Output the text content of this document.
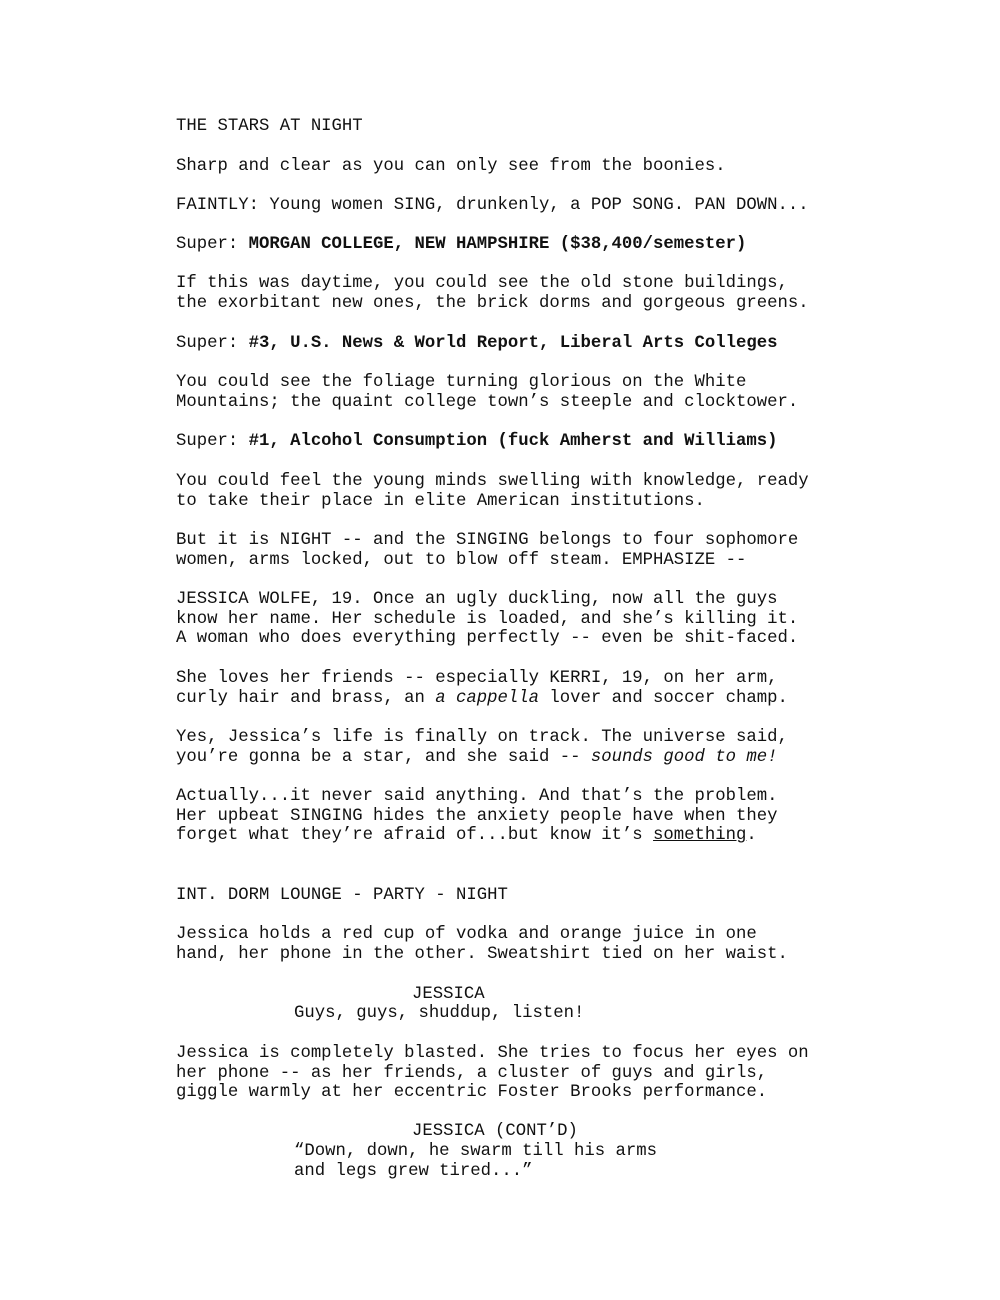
THE STARS AT NIGHT

Sharp and clear as you can only see from the boonies.

FAINTLY: Young women SING, drunkenly, a POP SONG. PAN DOWN...

Super: MORGAN COLLEGE, NEW HAMPSHIRE ($38,400/semester)

If this was daytime, you could see the old stone buildings,
the exorbitant new ones, the brick dorms and gorgeous greens.

Super: #3, U.S. News & World Report, Liberal Arts Colleges

You could see the foliage turning glorious on the White
Mountains; the quaint college town’s steeple and clocktower.

Super: #1, Alcohol Consumption (fuck Amherst and Williams)

You could feel the young minds swelling with knowledge, ready
to take their place in elite American institutions.

But it is NIGHT -- and the SINGING belongs to four sophomore
women, arms locked, out to blow off steam. EMPHASIZE --

JESSICA WOLFE, 19. Once an ugly duckling, now all the guys
know her name. Her schedule is loaded, and she’s killing it.
A woman who does everything perfectly -- even be shit-faced.

She loves her friends -- especially KERRI, 19, on her arm,
curly hair and brass, an a cappella lover and soccer champ.

Yes, Jessica’s life is finally on track. The universe said,
you’re gonna be a star, and she said -- sounds good to me!

Actually...it never said anything. And that’s the problem.
Her upbeat SINGING hides the anxiety people have when they
forget what they’re afraid of...but know it’s something.

INT. DORM LOUNGE - PARTY - NIGHT

Jessica holds a red cup of vodka and orange juice in one
hand, her phone in the other. Sweatshirt tied on her waist.

JESSICA

Guys, guys, shuddup, listen!

Jessica is completely blasted. She tries to focus her eyes on
her phone -- as her friends, a cluster of guys and girls,
giggle warmly at her eccentric Foster Brooks performance.

JESSICA (CONT’D)

“Down, down, he swarm till his arms
and legs grew tired...”
